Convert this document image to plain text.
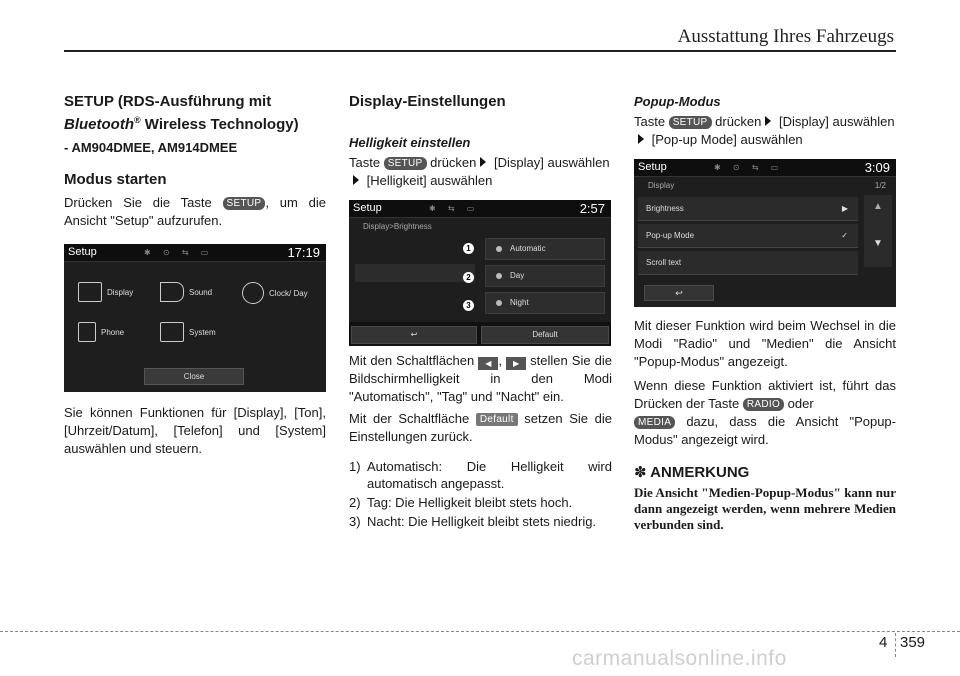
Ausstattung Ihres Fahrzeugs
SETUP (RDS-Ausführung mit
Bluetooth® Wireless Technology)
- AM904DMEE, AM914DMEE
Modus starten

Drücken Sie die Taste SETUP , um die Ansicht "Setup" aufzurufen.

Setup	✱ ⊙ ⇆ ▭	17:19
Display	Sound	Clock/ Day
Phone	System
Close

Sie können Funktionen für [Display], [Ton], [Uhrzeit/Datum], [Telefon] und [System] auswählen und steuern.

Display-Einstellungen
Helligkeit einstellen

Taste SETUP drücken [Display] auswählen
[Helligkeit] auswählen

Setup	✱ ⇆ ▭	2:57
Display>Brightness
Automatic
Day
Night
1
2
3
↩	Default

Mit den Schaltflächen ◀ , ▶ stellen Sie die Bildschirmhelligkeit in den Modi "Automatisch", "Tag" und "Nacht" ein.

Mit der Schaltfläche Default setzen Sie die Einstellungen zurück.

1) Automatisch: Die Helligkeit wird automatisch angepasst.
2) Tag: Die Helligkeit bleibt stets hoch.
3) Nacht: Die Helligkeit bleibt stets niedrig.
Popup-Modus

Taste SETUP drücken [Display] auswählen
[Pop-up Mode] auswählen

Setup	✱ ⊙ ⇆ ▭	3:09
Display	1/2
Brightness	▶
Pop-up Mode	✓
Scroll text
▲
▼
↩

Mit dieser Funktion wird beim Wechsel in die Modi "Radio" und "Medien" die Ansicht "Popup-Modus" angezeigt.

Wenn diese Funktion aktiviert ist, führt das Drücken der Taste RADIO oder
MEDIA dazu, dass die Ansicht "Popup-Modus" angezeigt wird.

✽ ANMERKUNG
Die Ansicht "Medien-Popup-Modus" kann nur dann angezeigt werden, wenn mehrere Medien verbunden sind.
4 359
carmanualsonline.info
